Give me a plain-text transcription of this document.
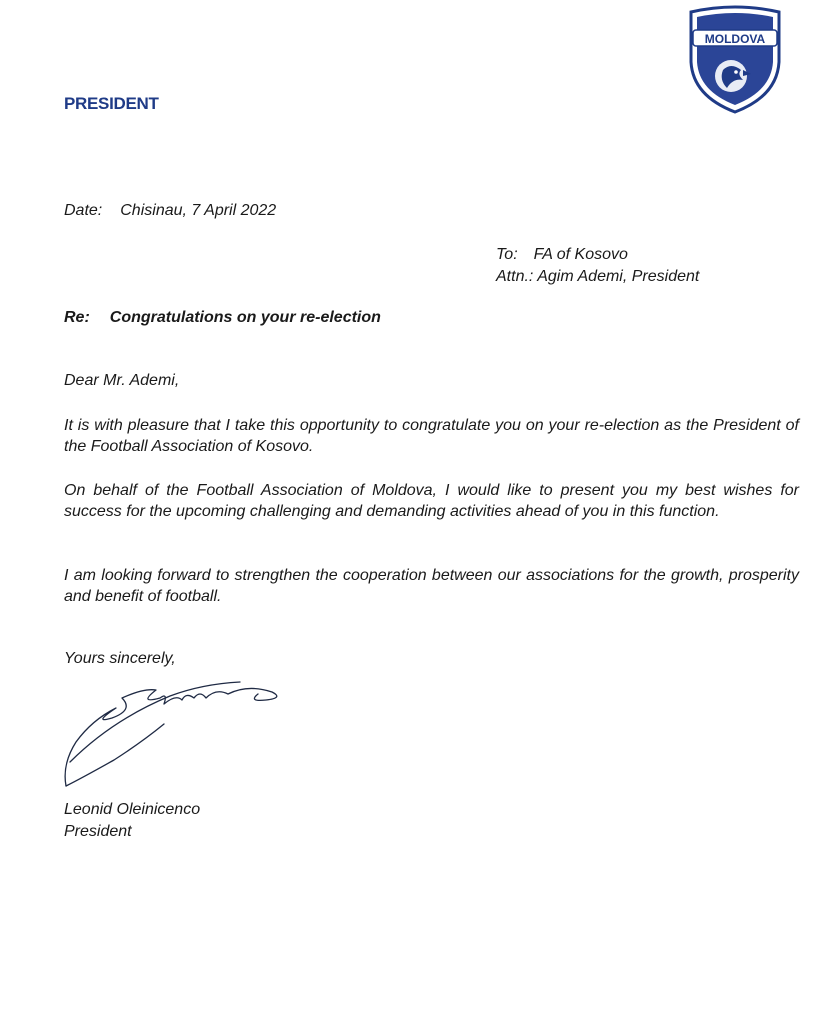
PRESIDENT
MOLDOVA
Date: Chisinau, 7 April 2022
To: FA of Kosovo
Attn.: Agim Ademi, President
Re: Congratulations on your re-election
Dear Mr. Ademi,

It is with pleasure that I take this opportunity to congratulate you on your re-election as the President of the Football Association of Kosovo.

On behalf of the Football Association of Moldova, I would like to present you my best wishes for success for the upcoming challenging and demanding activities ahead of you in this function.

I am looking forward to strengthen the cooperation between our associations for the growth, prosperity and benefit of football.

Yours sincerely,
Leonid Oleinicenco
President
